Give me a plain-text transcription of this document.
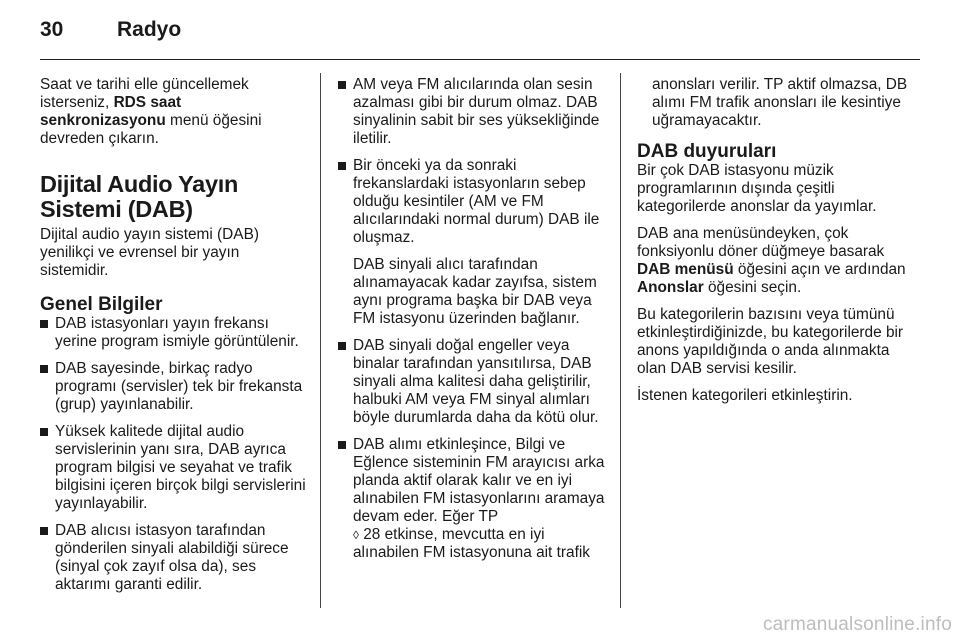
30	Radyo

Saat ve tarihi elle güncellemek isterseniz, RDS saat senkronizasyonu menü öğesini devreden çıkarın.

Dijital Audio Yayın Sistemi (DAB)

Dijital audio yayın sistemi (DAB) yenilikçi ve evrensel bir yayın sistemidir.

Genel Bilgiler
DAB istasyonları yayın frekansı yerine program ismiyle görüntülenir.
DAB sayesinde, birkaç radyo programı (servisler) tek bir frekansta (grup) yayınlanabilir.
Yüksek kalitede dijital audio servislerinin yanı sıra, DAB ayrıca program bilgisi ve seyahat ve trafik bilgisini içeren birçok bilgi servislerini yayınlayabilir.
DAB alıcısı istasyon tarafından gönderilen sinyali alabildiği sürece (sinyal çok zayıf olsa da), ses aktarımı garanti edilir.
AM veya FM alıcılarında olan sesin azalması gibi bir durum olmaz. DAB sinyalinin sabit bir ses yüksekliğinde iletilir.
Bir önceki ya da sonraki frekanslardaki istasyonların sebep olduğu kesintiler (AM ve FM alıcılarındaki normal durum) DAB ile oluşmaz.

DAB sinyali alıcı tarafından alınamayacak kadar zayıfsa, sistem aynı programa başka bir DAB veya FM istasyonu üzerinden bağlanır.

DAB sinyali doğal engeller veya binalar tarafından yansıtılırsa, DAB sinyali alma kalitesi daha geliştirilir, halbuki AM veya FM sinyal alımları böyle durumlarda daha da kötü olur.
DAB alımı etkinleşince, Bilgi ve Eğlence sisteminin FM arayıcısı arka planda aktif olarak kalır ve en iyi alınabilen FM istasyonlarını aramaya devam eder. Eğer TP
◊ 28 etkinse, mevcutta en iyi alınabilen FM istasyonuna ait trafik

anonsları verilir. TP aktif olmazsa, DB alımı FM trafik anonsları ile kesintiye uğramayacaktır.

DAB duyuruları

Bir çok DAB istasyonu müzik programlarının dışında çeşitli kategorilerde anonslar da yayımlar.

DAB ana menüsündeyken, çok fonksiyonlu döner düğmeye basarak DAB menüsü öğesini açın ve ardından Anonslar öğesini seçin.

Bu kategorilerin bazısını veya tümünü etkinleştirdiğinizde, bu kategorilerde bir anons yapıldığında o anda alınmakta olan DAB servisi kesilir.

İstenen kategorileri etkinleştirin.

carmanualsonline.info
